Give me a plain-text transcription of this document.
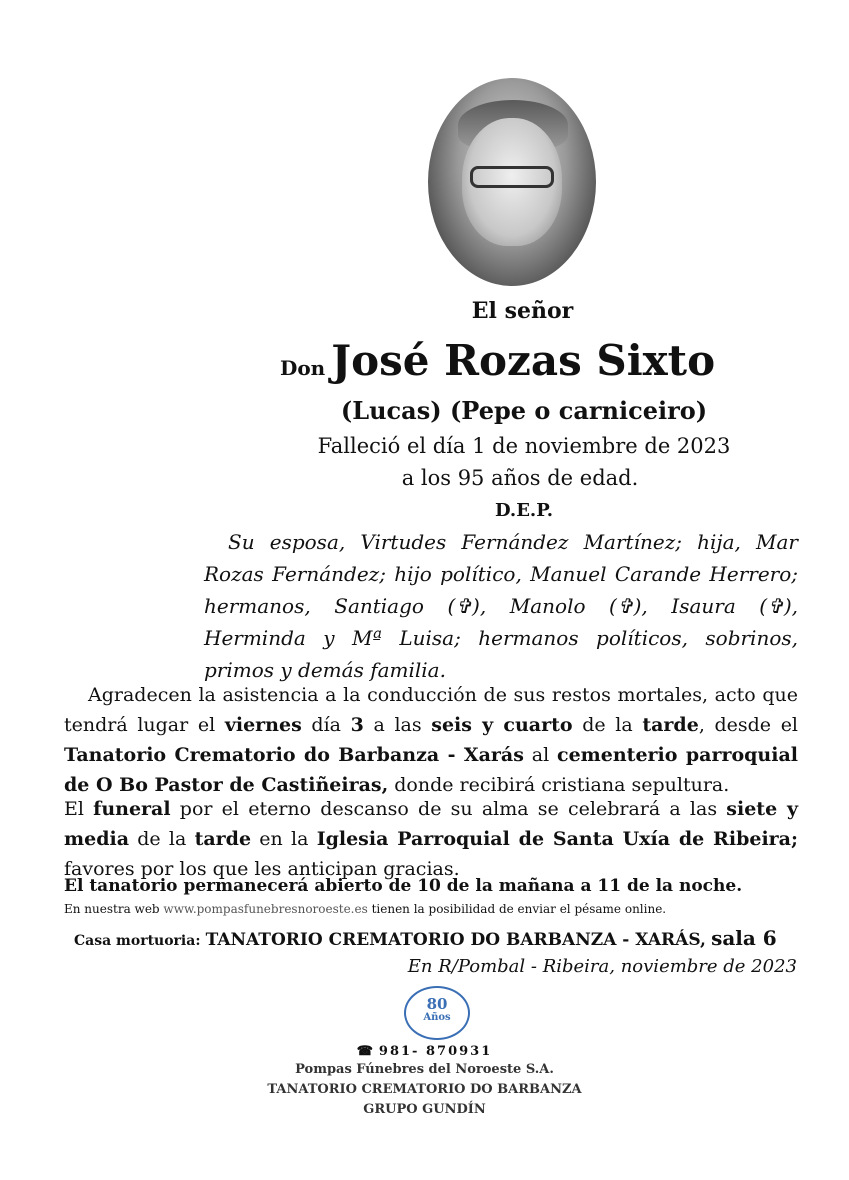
El señor
Don José Rozas Sixto
(Lucas) (Pepe o carniceiro)
Falleció el día 1 de noviembre de 2023
a los 95 años de edad.
D.E.P.
Su esposa, Virtudes Fernández Martínez; hija, Mar Rozas Fernández; hijo político, Manuel Carande Herrero; hermanos, Santiago (✞), Manolo (✞), Isaura (✞), Herminda y Mª Luisa; hermanos políticos, sobrinos, primos y demás familia.
Agradecen la asistencia a la conducción de sus restos mortales, acto que tendrá lugar el viernes día 3 a las seis y cuarto de la tarde, desde el Tanatorio Crematorio do Barbanza - Xarás al cementerio parroquial de O Bo Pastor de Castiñeiras, donde recibirá cristiana sepultura.
El funeral por el eterno descanso de su alma se celebrará a las siete y media de la tarde en la Iglesia Parroquial de Santa Uxía de Ribeira; favores por los que les anticipan gracias.
El tanatorio permanecerá abierto de 10 de la mañana a 11 de la noche.
En nuestra web www.pompasfunebresnoroeste.es tienen la posibilidad de enviar el pésame online.
Casa mortuoria: TANATORIO CREMATORIO DO BARBANZA - XARÁS, sala 6
En R/Pombal - Ribeira, noviembre de 2023
80
Años
☎ 981- 870931
Pompas Fúnebres del Noroeste S.A.
TANATORIO CREMATORIO DO BARBANZA
GRUPO GUNDÍN
